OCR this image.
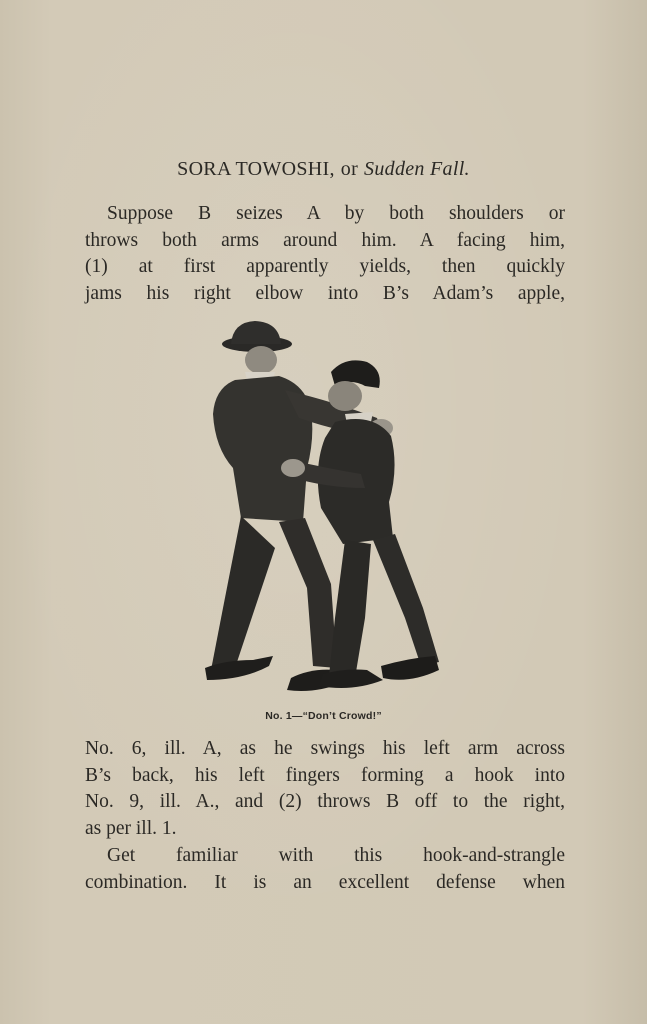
SORA TOWOSHI, or Sudden Fall.
Suppose B seizes A by both shoulders or
throws both arms around him. A facing him,
(1) at first apparently yields, then quickly
jams his right elbow into B’s Adam’s apple,
No. 1—“Don’t Crowd!”
No. 6, ill. A, as he swings his left arm across
B’s back, his left fingers forming a hook into
No. 9, ill. A., and (2) throws B off to the right,
as per ill. 1.
Get familiar with this hook-and-strangle
combination. It is an excellent defense when
